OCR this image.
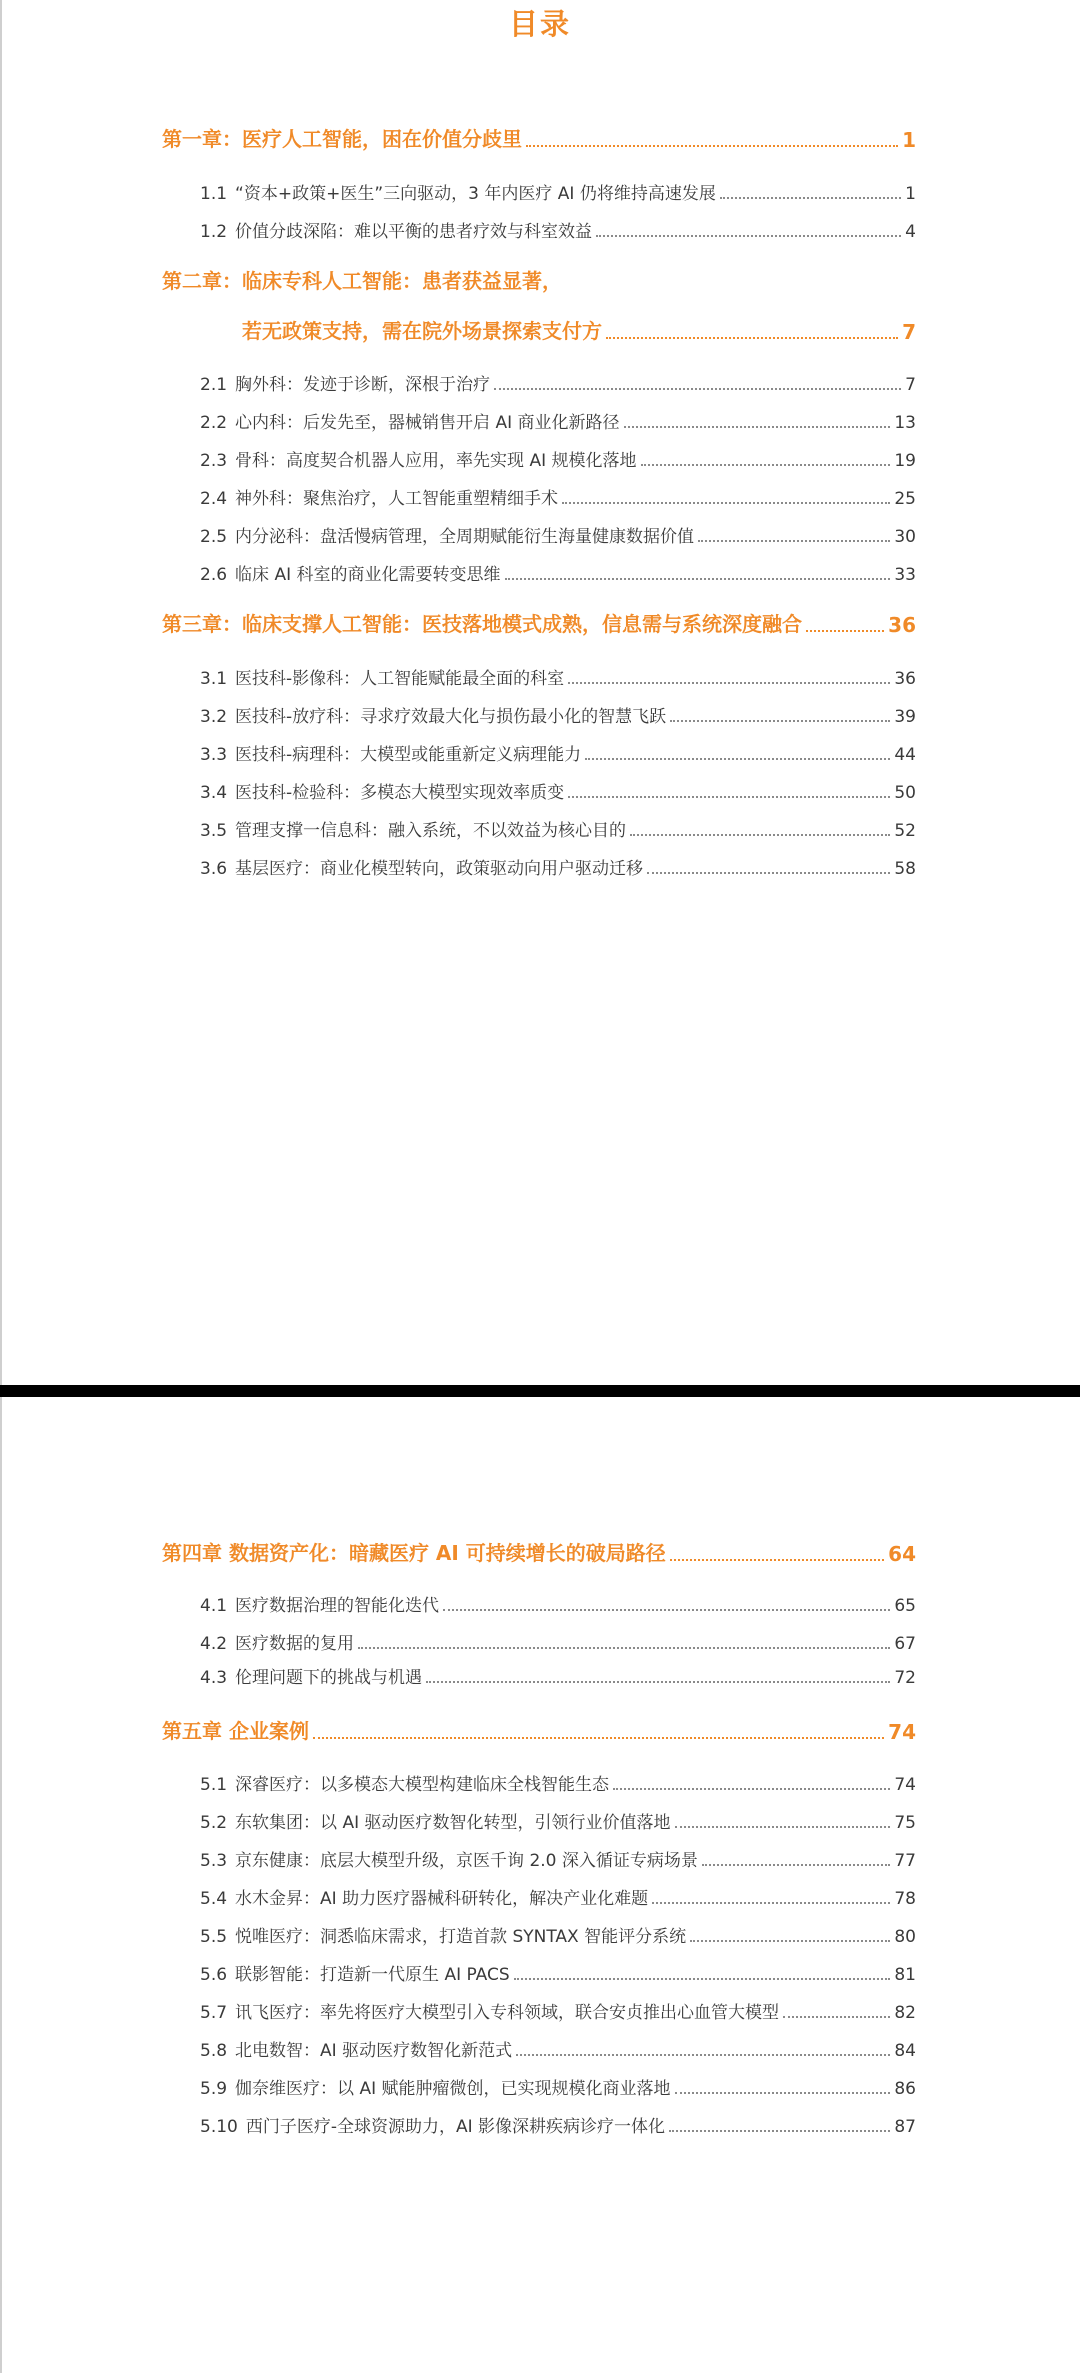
目录
第一章：医疗人工智能，困在价值分歧里	1
1.1 “资本+政策+医生”三向驱动，3 年内医疗 AI 仍将维持高速发展	1
1.2 价值分歧深陷：难以平衡的患者疗效与科室效益	4
第二章：临床专科人工智能：患者获益显著，
若无政策支持，需在院外场景探索支付方	7
2.1 胸外科：发迹于诊断，深根于治疗	7
2.2 心内科：后发先至，器械销售开启 AI 商业化新路径	13
2.3 骨科：高度契合机器人应用，率先实现 AI 规模化落地	19
2.4 神外科：聚焦治疗，人工智能重塑精细手术	25
2.5 内分泌科：盘活慢病管理，全周期赋能衍生海量健康数据价值	30
2.6 临床 AI 科室的商业化需要转变思维	33
第三章：临床支撑人工智能：医技落地模式成熟，信息需与系统深度融合	36
3.1 医技科-影像科：人工智能赋能最全面的科室	36
3.2 医技科-放疗科：寻求疗效最大化与损伤最小化的智慧飞跃	39
3.3 医技科-病理科：大模型或能重新定义病理能力	44
3.4 医技科-检验科：多模态大模型实现效率质变	50
3.5 管理支撑一信息科：融入系统，不以效益为核心目的	52
3.6 基层医疗：商业化模型转向，政策驱动向用户驱动迁移	58
第四章 数据资产化：暗藏医疗 AI 可持续增长的破局路径	64
4.1 医疗数据治理的智能化迭代	65
4.2 医疗数据的复用	67
4.3 伦理问题下的挑战与机遇	72
第五章 企业案例	74
5.1 深睿医疗：以多模态大模型构建临床全栈智能生态	74
5.2 东软集团：以 AI 驱动医疗数智化转型，引领行业价值落地	75
5.3 京东健康：底层大模型升级，京医千询 2.0 深入循证专病场景	77
5.4 水木金昇：AI 助力医疗器械科研转化，解决产业化难题	78
5.5 悦唯医疗：洞悉临床需求，打造首款 SYNTAX 智能评分系统	80
5.6 联影智能：打造新一代原生 AI PACS	81
5.7 讯飞医疗：率先将医疗大模型引入专科领域，联合安贞推出心血管大模型	82
5.8 北电数智：AI 驱动医疗数智化新范式	84
5.9 伽奈维医疗：以 AI 赋能肿瘤微创，已实现规模化商业落地	86
5.10 西门子医疗-全球资源助力，AI 影像深耕疾病诊疗一体化	87
